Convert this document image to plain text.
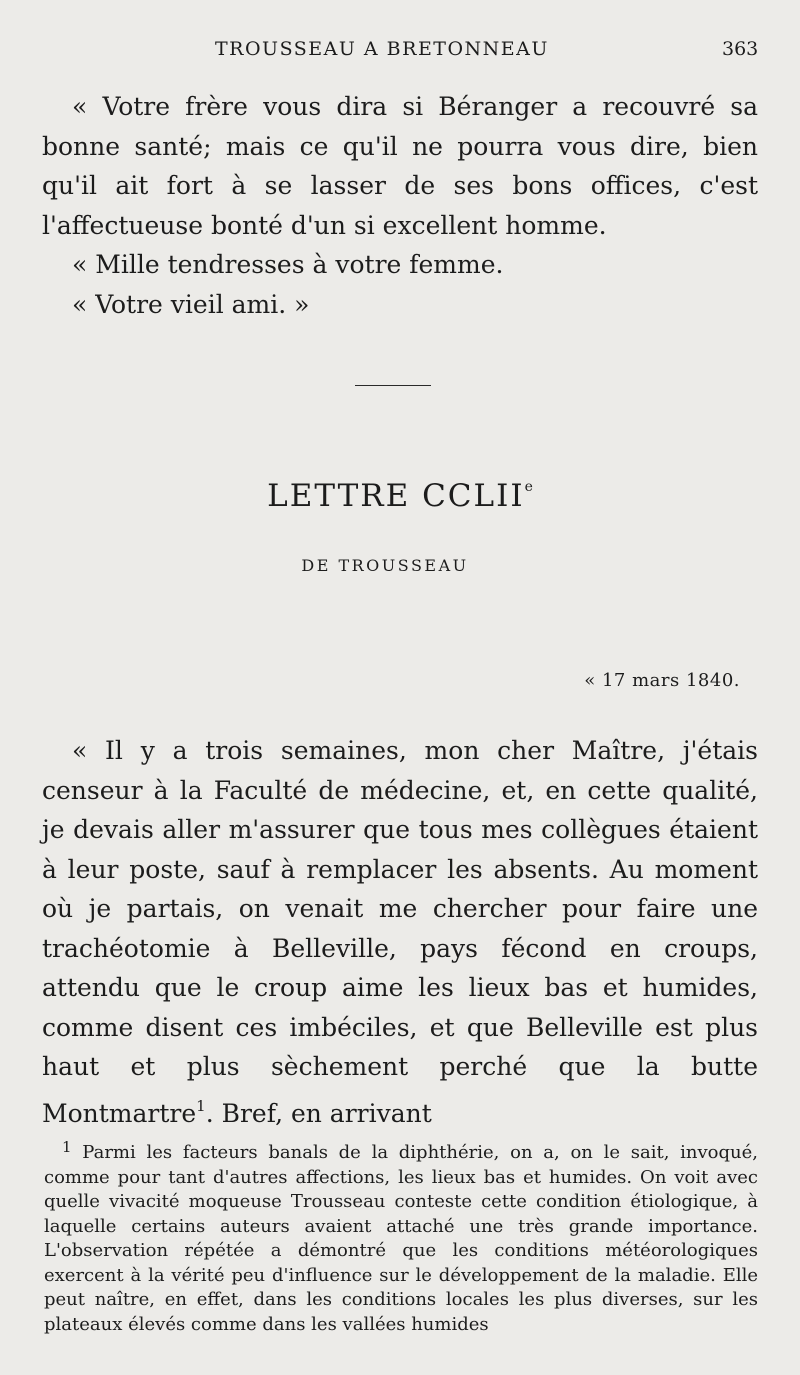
TROUSSEAU A BRETONNEAU	363

« Votre frère vous dira si Béranger a recouvré sa bonne santé; mais ce qu'il ne pourra vous dire, bien qu'il ait fort à se lasser de ses bons offices, c'est l'affectueuse bonté d'un si excellent homme.

« Mille tendresses à votre femme.

« Votre vieil ami. »

LETTRE CCLIIe
DE TROUSSEAU
« 17 mars 1840.

« Il y a trois semaines, mon cher Maître, j'étais censeur à la Faculté de médecine, et, en cette qualité, je devais aller m'assurer que tous mes collègues étaient à leur poste, sauf à remplacer les absents. Au moment où je partais, on venait me chercher pour faire une trachéotomie à Belleville, pays fécond en croups, attendu que le croup aime les lieux bas et humides, comme disent ces imbéciles, et que Belleville est plus haut et plus sèchement perché que la butte Montmartre$^1$. Bref, en arrivant

$^1$ Parmi les facteurs banals de la diphthérie, on a, on le sait, invoqué, comme pour tant d'autres affections, les lieux bas et humides. On voit avec quelle vivacité moqueuse Trousseau conteste cette condition étiologique, à laquelle certains auteurs avaient attaché une très grande importance. L'observation répétée a démontré que les conditions météorologiques exercent à la vérité peu d'influence sur le développement de la maladie. Elle peut naître, en effet, dans les conditions locales les plus diverses, sur les plateaux élevés comme dans les vallées humides
